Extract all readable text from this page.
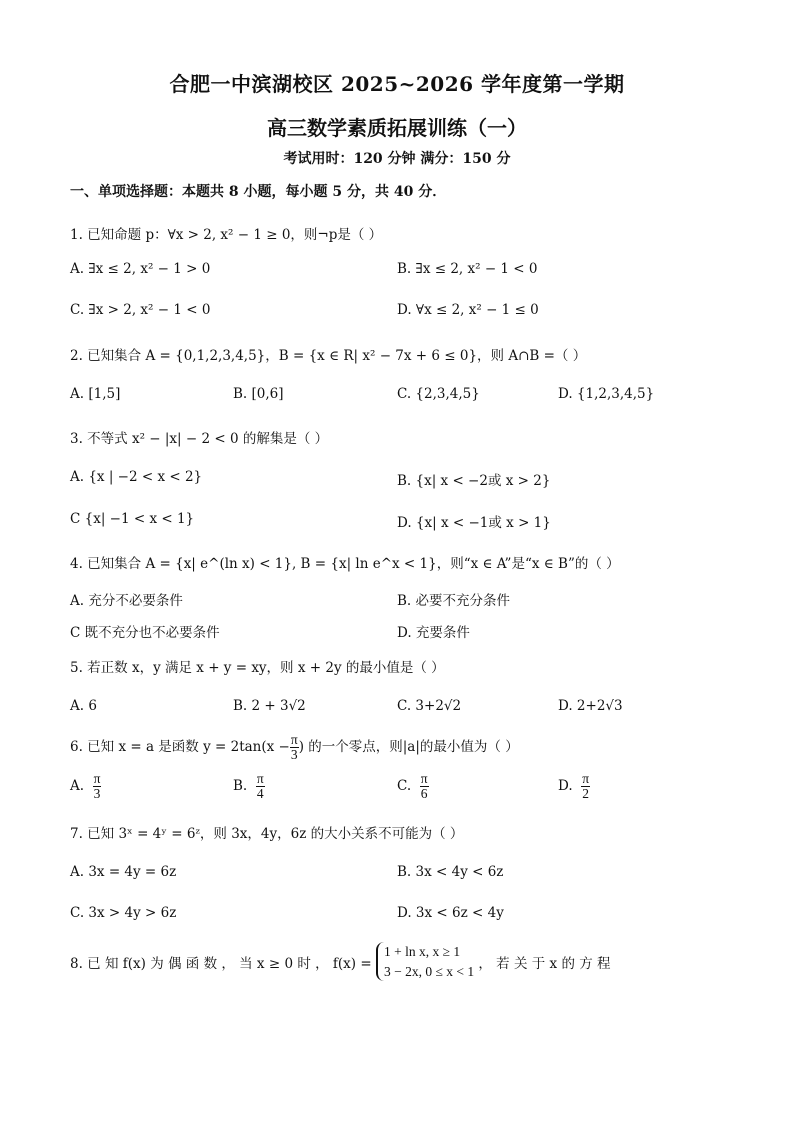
合肥一中滨湖校区 2025~2026 学年度第一学期
高三数学素质拓展训练（一）
考试用时：120 分钟 满分：150 分
一、单项选择题：本题共 8 小题，每小题 5 分，共 40 分．
1. 已知命题 p：∀x > 2, x² − 1 ≥ 0，则¬p是（ ）
A. ∃x ≤ 2, x² − 1 > 0	B. ∃x ≤ 2, x² − 1 < 0
C. ∃x > 2, x² − 1 < 0	D. ∀x ≤ 2, x² − 1 ≤ 0
2. 已知集合 A = {0,1,2,3,4,5}，B = {x ∈ R| x² − 7x + 6 ≤ 0}，则 A∩B =（ ）
A. [1,5]	B. [0,6]	C. {2,3,4,5}	D. {1,2,3,4,5}
3. 不等式 x² − |x| − 2 < 0 的解集是（ ）
A. {x | −2 < x < 2}	B. {x| x < −2或 x > 2}
C {x| −1 < x < 1}	D. {x| x < −1或 x > 1}
4. 已知集合 A = {x| e^(ln x) < 1}, B = {x| ln e^x < 1}，则“x ∈ A”是“x ∈ B”的（ ）
A. 充分不必要条件	B. 必要不充分条件
C 既不充分也不必要条件	D. 充要条件
5. 若正数 x，y 满足 x + y = xy，则 x + 2y 的最小值是（ ）
A. 6	B. 2 + 3√2	C. 3+2√2	D. 2+2√3
6. 已知 x = a 是函数 $y = 2\tan(x - \frac{\pi}{3}$ ) 的一个零点，则|a|的最小值为（ ）
A. $\frac{\pi}{3}$	B. $\frac{\pi}{4}$	C. $\frac{\pi}{6}$	D. $\frac{\pi}{2}$
7. 已知 3ˣ = 4ʸ = 6ᶻ，则 3x，4y，6z 的大小关系不可能为（ ）
A. 3x = 4y = 6z	B. 3x < 4y < 6z
C. 3x > 4y > 6z	D. 3x < 6z < 4y
8. 已 知 f(x) 为 偶 函 数 ， 当 x ≥ 0 时 ， f(x) =
1 + ln x, x ≥ 1
3 − 2x, 0 ≤ x < 1 ， 若 关 于 x 的 方 程
